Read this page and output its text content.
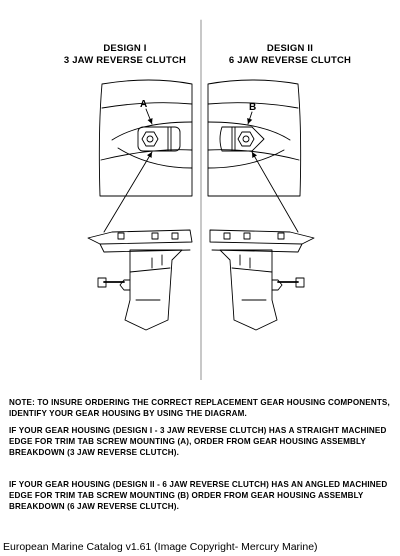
DESIGN I
3 JAW REVERSE CLUTCH
DESIGN II
6 JAW REVERSE CLUTCH
A	B

NOTE: TO INSURE ORDERING THE CORRECT REPLACEMENT GEAR HOUSING COMPONENTS, IDENTIFY YOUR GEAR HOUSING BY USING THE DIAGRAM.

IF YOUR GEAR HOUSING (DESIGN I - 3 JAW REVERSE CLUTCH) HAS A STRAIGHT MACHINED EDGE FOR TRIM TAB SCREW MOUNTING (A), ORDER FROM GEAR HOUSING ASSEMBLY BREAKDOWN (3 JAW REVERSE CLUTCH).

IF YOUR GEAR HOUSING (DESIGN II - 6 JAW REVERSE CLUTCH) HAS AN ANGLED MACHINED EDGE FOR TRIM TAB SCREW MOUNTING (B) ORDER FROM GEAR HOUSING ASSEMBLY BREAKDOWN (6 JAW REVERSE CLUTCH).

European Marine Catalog v1.61 (Image Copyright- Mercury Marine)
